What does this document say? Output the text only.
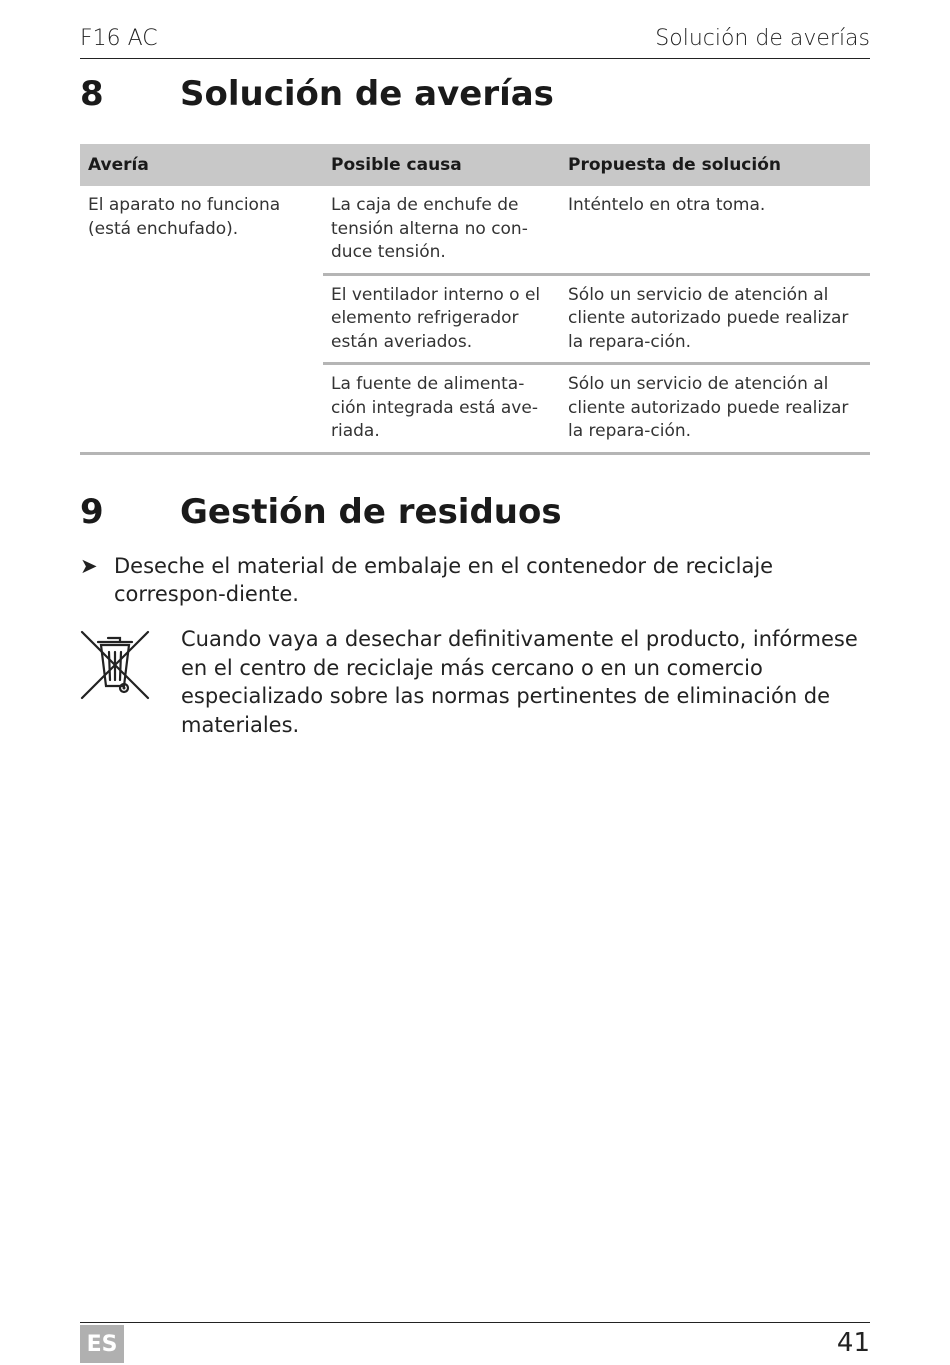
F16 AC	Solución de averías
8 Solución de averías
Avería	Posible causa	Propuesta de solución
El aparato no funciona (está enchufado).	La caja de enchufe de tensión alterna no con-duce tensión.	Inténtelo en otra toma.
	El ventilador interno o el elemento refrigerador están averiados.	Sólo un servicio de atención al cliente autorizado puede realizar la repara-ción.
	La fuente de alimenta-ción integrada está ave-riada.	Sólo un servicio de atención al cliente autorizado puede realizar la repara-ción.
9 Gestión de residuos
➤ Deseche el material de embalaje en el contenedor de reciclaje correspon-diente.
Cuando vaya a desechar definitivamente el producto, infórmese en el centro de reciclaje más cercano o en un comercio especializado sobre las normas pertinentes de eliminación de materiales.
ES	41
